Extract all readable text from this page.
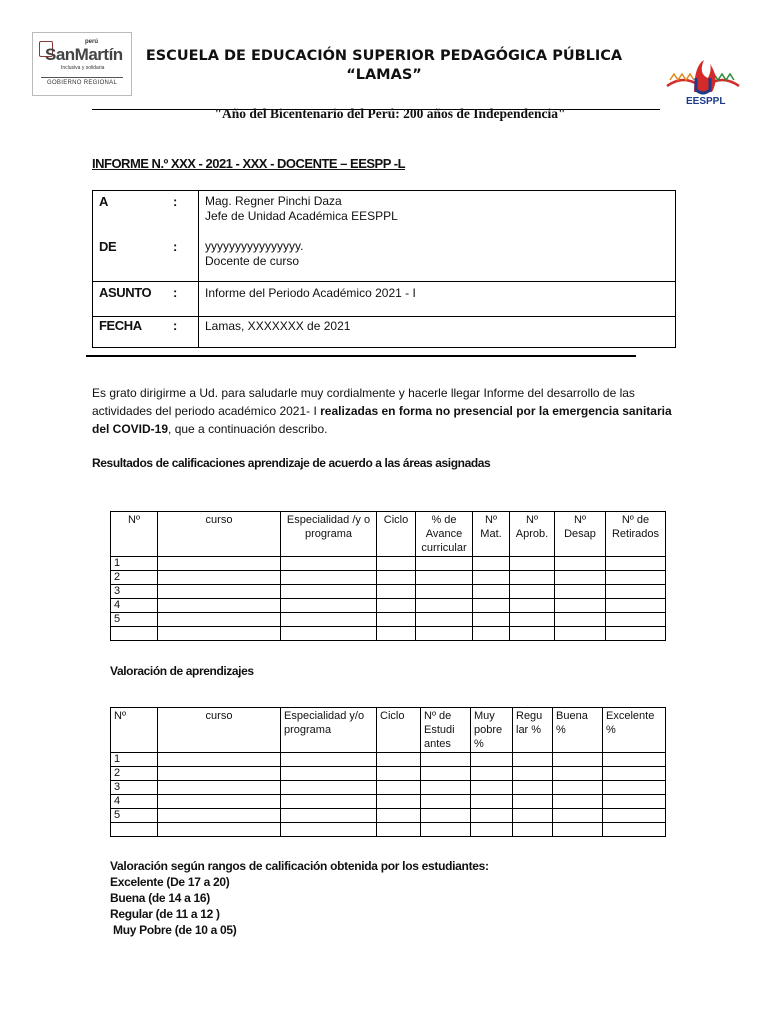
perú
SanMartín
Inclusiva y solidaria
GOBIERNO REGIONAL
ESCUELA DE EDUCACIÓN SUPERIOR PEDAGÓGICA PÚBLICA
“LAMAS”
EESPPL
"Año del Bicentenario del Perú: 200 años de Independencia"
INFORME N.º XXX - 2021 - XXX - DOCENTE – EESPP -L
A	: Mag. Regner Pinchi Daza
Jefe de Unidad Académica EESPPL
DE	: yyyyyyyyyyyyyyyy.
Docente de curso
ASUNTO : Informe del Periodo Académico 2021 - I
FECHA : Lamas, XXXXXXX de 2021
Es grato dirigirme a Ud. para saludarle muy cordialmente y hacerle llegar Informe del desarrollo de las actividades del periodo académico 2021- I realizadas en forma no presencial por la emergencia sanitaria del COVID-19, que a continuación describo.
Resultados de calificaciones aprendizaje de acuerdo a las áreas asignadas
Nº	curso	Especialidad /y o programa	Ciclo	% de Avance curricular	Nº Mat.	Nº Aprob.	Nº Desap	Nº de Retirados
1								
2								
3								
4								
5								

Valoración de aprendizajes
Nº	curso	Especialidad y/o programa	Ciclo	Nº de Estudi antes	Muy pobre %	Regu lar %	Buena %	Excelente %
1								
2								
3								
4								
5								

Valoración según rangos de calificación obtenida por los estudiantes:
Excelente (De 17 a 20)
Buena (de 14 a 16)
Regular (de 11 a 12 )
Muy Pobre (de 10 a 05)
